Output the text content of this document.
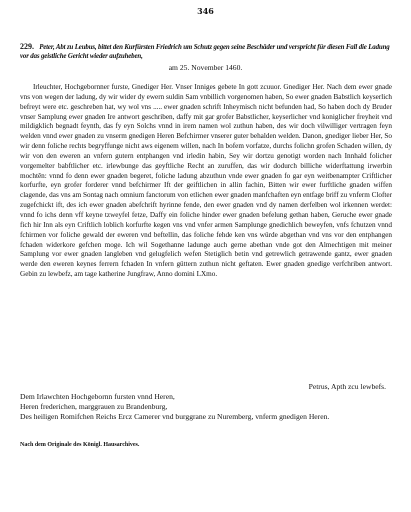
346
229. Peter, Abt zu Leubus, bittet den Kurfürsten Friedrich um Schutz gegen seine Beschäder und verspricht für diesen Fall die Ladung vor das geistliche Gericht wieder aufzuheben,
am 25. November 1460.

Irleuchter, Hochgebornner furste, Gnediger Her. Vnser Inniges gebete In gott zcuuor. Gnediger Her. Nach dem ewer gnade vns von wegen der ladung, dy wir wider dy ewern suldin Sam vnbillich vorgenomen haben, So ewer gnaden Babstlich keyserlich befreyt were etc. geschreben hat, wy wol vns ..... ewer gnaden schrift Inheymisch nicht befunden had, So haben doch dy Bruder vnser Samplung ewer gnaden Ire antwort geschriben, daffy mit gar grofer Babstlicher, keyserlicher vnd koniglicher freyheit vnd mildigklich begnadt feynth, das fy eyn Solchs vnnd in irem namen wol zuthun haben, des wir doch vilwilliger vertragen feyn welden vnnd ewer gnaden zu vnserm gnedigen Heren Befchirmer vnserer guter behalden welden. Danon, gnediger lieber Her, So wir denn foliche rechts begryffunge nicht aws eigenem willen, nach In bofem vorfatze, durchs folichn grofen Schaden willen, dy wir von den eweren an vnfern gutern entphangen vnd irledin habin, Sey wir dortzu genotigt worden nach Innhald folicher vorgemelter babftlicher etc. irlewbunge das geyftliche Recht an zuruffen, das wir dodurch billiche widerftattung irwerbin mochtên: vnnd fo denn ewer gnaden begeret, foliche ladung abzuthun vnde ewer gnaden fo gar eyn weitbenampter Criftlicher korfurfte, eyn grofer forderer vnnd befchirmer Ift der geiftlichen in allin fachin, Bitten wir ewer furftliche gnaden wiffen clagende, das vns am Sontag nach omnium fanctorum von etlichen ewer gnaden manfchaften eyn entfage briff zu vnferm Clofter zugefchickt ift, des ich ewer gnaden abefchrift hyrinne fende, den ewer gnaden vnd dy namen derfelben wol irkennen werdet: vnnd fo ichs denn vff keyne tzweyfel fetze, Daffy ein foliche hinder ewer gnaden befelung gethan haben, Geruche ewer gnade fich hir Inn als eyn Criftlich loblich korfurfte kegen vns vnd vnfer armen Samplunge gnedichlich beweyfen, vnfs fchutzen vnnd fchirmen vor foliche gewald der eweren vnd beftellin, das foliche fehde ken vns würde abgethan vnd vns vor den entphangen fchaden widerkore gefchen moge. Ich wil Sogethanne ladunge auch gerne abethan vnde got den Almechtigen mit meiner Samplung vor ewer gnaden langleben vnd gelugfelich wefen Stetiglich betin vnd getrewlich getrawende gantz, ewer gnaden werde den eweren keynes ferrern fchaden In vnfern güttern zuthun nicht geftaten. Ewer gnaden gnedige verfchriben antwort. Gebin zu lewbefz, am tage katherine Jungfraw, Anno domini LXmo.

Petrus, Apth zcu lewbefs.
Dem Irlawchten Hochgebornn fursten vnnd Heren,
Heren frederichen, marggrauen zu Brandenburg,
Des heiligen Romifchen Reichs Ercz Camerer vnd burggrane zu Nuremberg, vnferm gnedigen Heren.
Nach dem Originale des Königl. Hausarchives.
